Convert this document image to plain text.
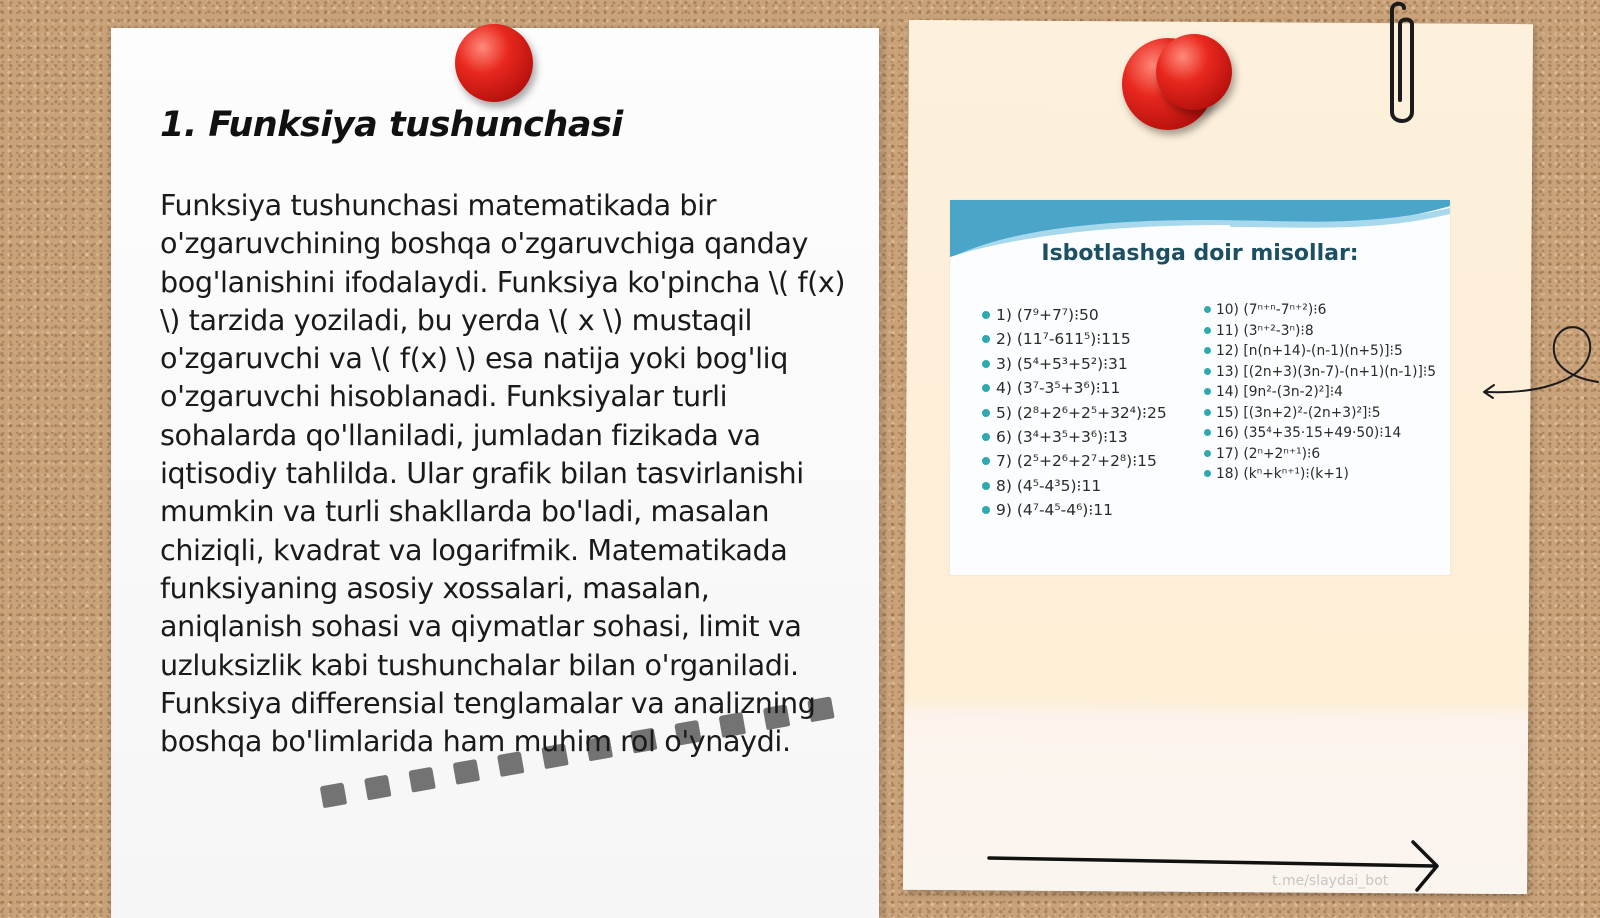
1. Funksiya tushunchasi

Funksiya tushunchasi matematikada bir o'zgaruvchining boshqa o'zgaruvchiga qanday bog'lanishini ifodalaydi. Funksiya ko'pincha \( f(x) \) tarzida yoziladi, bu yerda \( x \) mustaqil o'zgaruvchi va \( f(x) \) esa natija yoki bog'liq o'zgaruvchi hisoblanadi. Funksiyalar turli sohalarda qo'llaniladi, jumladan fizikada va iqtisodiy tahlilda. Ular grafik bilan tasvirlanishi mumkin va turli shakllarda bo'ladi, masalan chiziqli, kvadrat va logarifmik. Matematikada funksiyaning asosiy xossalari, masalan, aniqlanish sohasi va qiymatlar sohasi, limit va uzluksizlik kabi tushunchalar bilan o'rganiladi. Funksiya differensial tenglamalar va analizning boshqa bo'limlarida ham muhim rol o'ynaydi.

Isbotlashga doir misollar:
1) (7⁹+7⁷)⁝50
2) (11⁷-611⁵)⁝115
3) (5⁴+5³+5²)⁝31
4) (3⁷-3⁵+3⁶)⁝11
5) (2⁸+2⁶+2⁵+32⁴)⁝25
6) (3⁴+3⁵+3⁶)⁝13
7) (2⁵+2⁶+2⁷+2⁸)⁝15
8) (4⁵-4³5)⁝11
9) (4⁷-4⁵-4⁶)⁝11
10) (7ⁿ⁺ⁿ-7ⁿ⁺²)⁝6
11) (3ⁿ⁺²-3ⁿ)⁝8
12) [n(n+14)-(n-1)(n+5)]⁝5
13) [(2n+3)(3n-7)-(n+1)(n-1)]⁝5
14) [9n²-(3n-2)²]⁝4
15) [(3n+2)²-(2n+3)²]⁝5
16) (35⁴+35·15+49·50)⁝14
17) (2ⁿ+2ⁿ⁺¹)⁝6
18) (kⁿ+kⁿ⁺¹)⁝(k+1)
t.me/slaydai_bot
